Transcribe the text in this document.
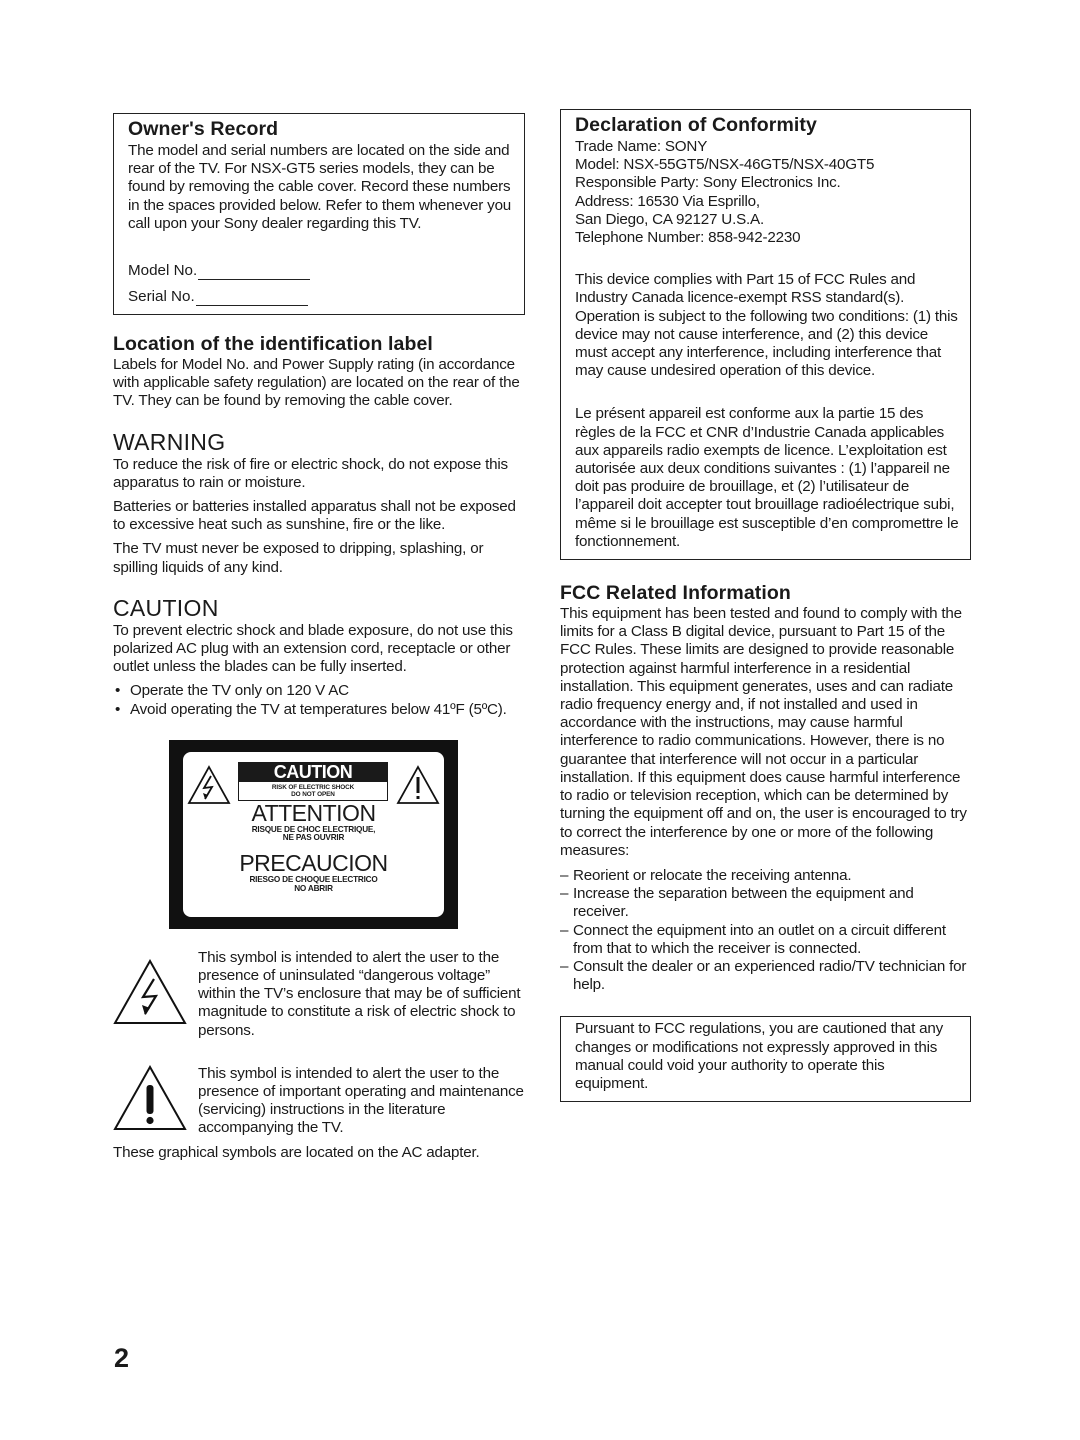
Owner's Record

The model and serial numbers are located on the side and rear of the TV. For NSX-GT5 series models, they can be found by removing the cable cover. Record these numbers in the spaces provided below. Refer to them whenever you call upon your Sony dealer regarding this TV.

Model No.
Serial No.
Location of the identification label

Labels for Model No. and Power Supply rating (in accordance with applicable safety regulation) are located on the rear of the TV. They can be found by removing the cable cover.

WARNING

To reduce the risk of fire or electric shock, do not expose this apparatus to rain or moisture.

Batteries or batteries installed apparatus shall not be exposed to excessive heat such as sunshine, fire or the like.

The TV must never be exposed to dripping, splashing, or spilling liquids of any kind.

CAUTION

To prevent electric shock and blade exposure, do not use this polarized AC plug with an extension cord, receptacle or other outlet unless the blades can be fully inserted.

• Operate the TV only on 120 V AC
• Avoid operating the TV at temperatures below 41ºF (5ºC).
CAUTION
RISK OF ELECTRIC SHOCK
DO NOT OPEN
ATTENTION
RISQUE DE CHOC ELECTRIQUE,
NE PAS OUVRIR
PRECAUCION
RIESGO DE CHOQUE ELECTRICO
NO ABRIR

This symbol is intended to alert the user to the presence of uninsulated “dangerous voltage” within the TV’s enclosure that may be of sufficient magnitude to constitute a risk of electric shock to persons.

This symbol is intended to alert the user to the presence of important operating and maintenance (servicing) instructions in the literature accompanying the TV.

These graphical symbols are located on the AC adapter.

Declaration of Conformity

Trade Name: SONY

Model: NSX-55GT5/NSX-46GT5/NSX-40GT5

Responsible Party: Sony Electronics Inc.

Address: 16530 Via Esprillo,

San Diego, CA 92127 U.S.A.

Telephone Number: 858-942-2230

This device complies with Part 15 of FCC Rules and Industry Canada licence-exempt RSS standard(s). Operation is subject to the following two conditions: (1) this device may not cause interference, and (2) this device must accept any interference, including interference that may cause undesired operation of this device.

Le présent appareil est conforme aux la partie 15 des règles de la FCC et CNR d’Industrie Canada applicables aux appareils radio exempts de licence. L’exploitation est autorisée aux deux conditions suivantes : (1) l’appareil ne doit pas produire de brouillage, et (2) l’utilisateur de l’appareil doit accepter tout brouillage radioélectrique subi, même si le brouillage est susceptible d’en compromettre le fonctionnement.

FCC Related Information

This equipment has been tested and found to comply with the limits for a Class B digital device, pursuant to Part 15 of the FCC Rules. These limits are designed to provide reasonable protection against harmful interference in a residential installation. This equipment generates, uses and can radiate radio frequency energy and, if not installed and used in accordance with the instructions, may cause harmful interference to radio communications. However, there is no guarantee that interference will not occur in a particular installation. If this equipment does cause harmful interference to radio or television reception, which can be determined by turning the equipment off and on, the user is encouraged to try to correct the interference by one or more of the following measures:

– Reorient or relocate the receiving antenna.
– Increase the separation between the equipment and receiver.
– Connect the equipment into an outlet on a circuit different from that to which the receiver is connected.
– Consult the dealer or an experienced radio/TV technician for help.

Pursuant to FCC regulations, you are cautioned that any changes or modifications not expressly approved in this manual could void your authority to operate this equipment.

2
